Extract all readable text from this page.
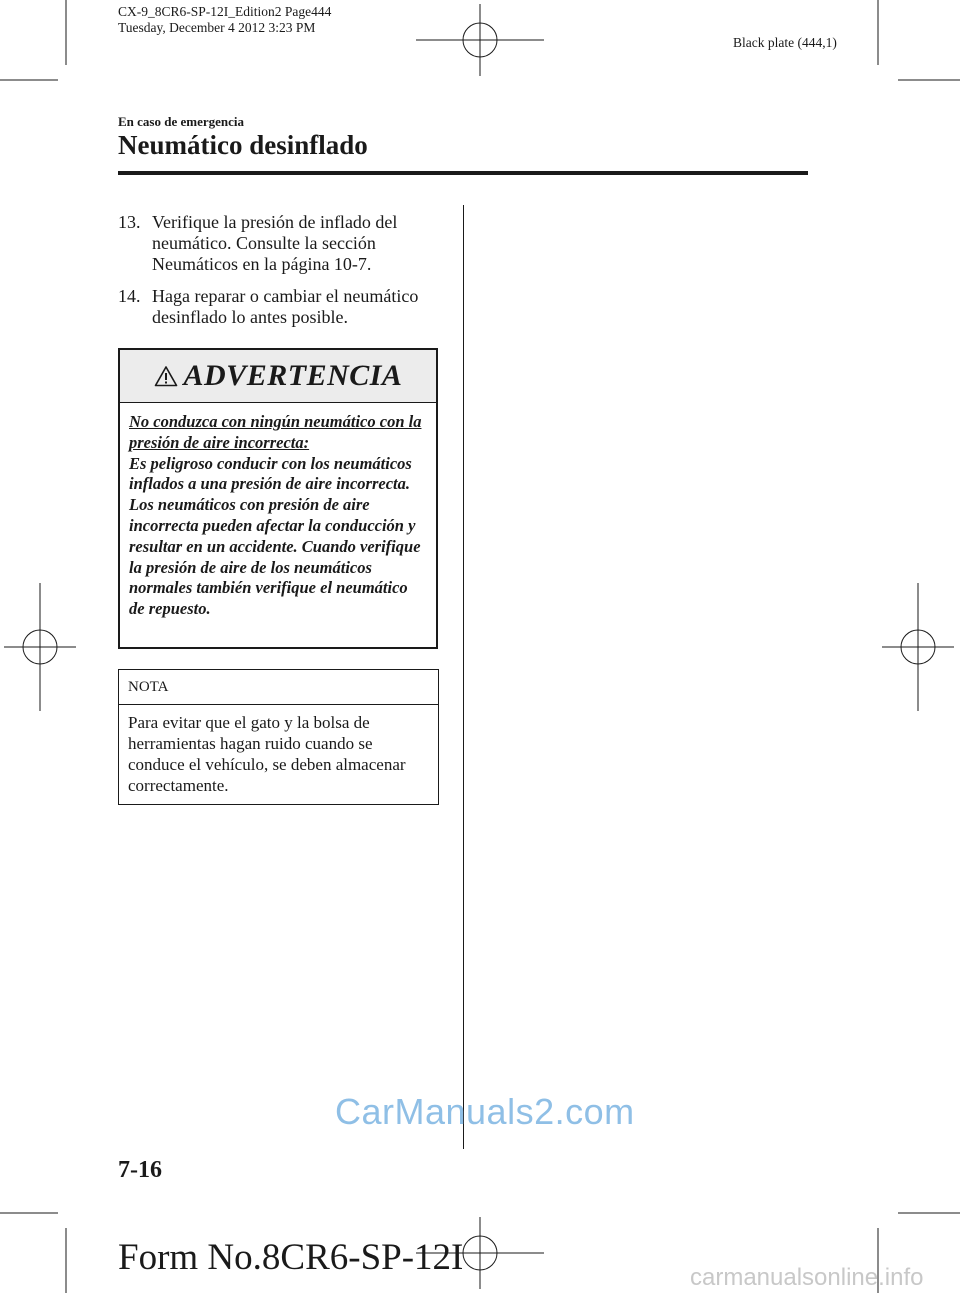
CX-9_8CR6-SP-12I_Edition2 Page444
Tuesday, December 4 2012 3:23 PM
Black plate (444,1)
En caso de emergencia
Neumático desinflado
13. Verifique la presión de inflado del neumático. Consulte la sección Neumáticos en la página 10-7.
14. Haga reparar o cambiar el neumático desinflado lo antes posible.
ADVERTENCIA
No conduzca con ningún neumático con la presión de aire incorrecta:
Es peligroso conducir con los neumáticos inflados a una presión de aire incorrecta. Los neumáticos con presión de aire incorrecta pueden afectar la conducción y resultar en un accidente. Cuando verifique la presión de aire de los neumáticos normales también verifique el neumático de repuesto.
NOTA
Para evitar que el gato y la bolsa de herramientas hagan ruido cuando se conduce el vehículo, se deben almacenar correctamente.
CarManuals2.com
7-16
Form No.8CR6-SP-12I	carmanualsonline.info
